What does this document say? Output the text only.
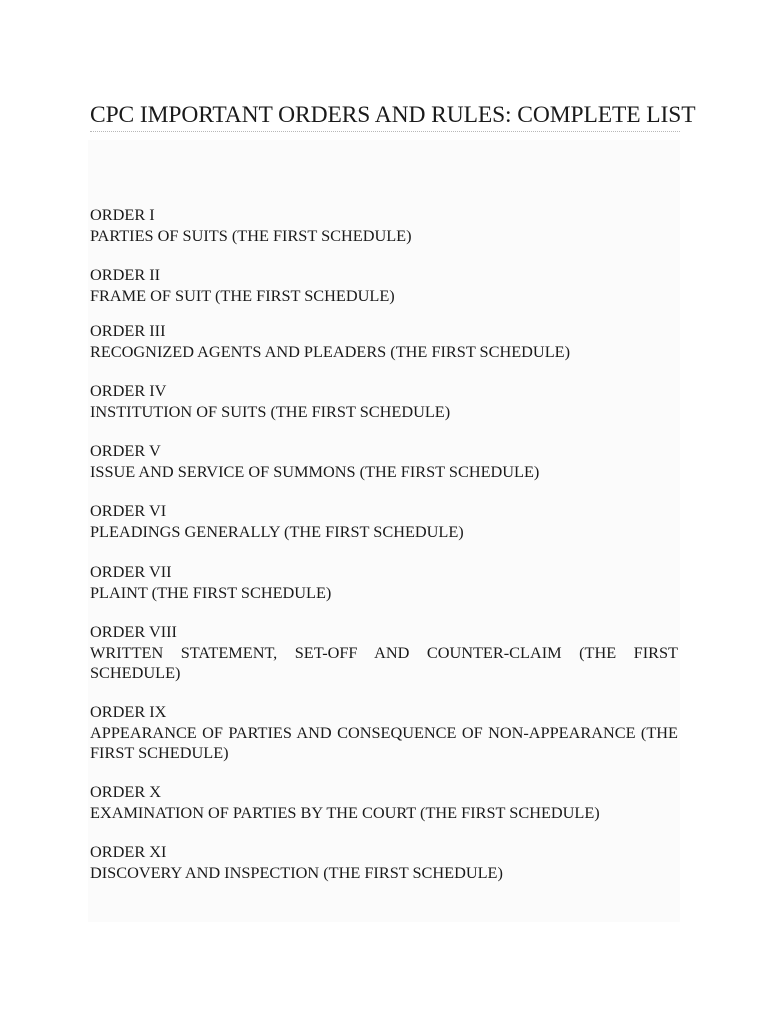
CPC IMPORTANT ORDERS AND RULES: COMPLETE LIST
ORDER I
PARTIES OF SUITS (THE FIRST SCHEDULE)
ORDER II
FRAME OF SUIT (THE FIRST SCHEDULE)
ORDER III
RECOGNIZED AGENTS AND PLEADERS (THE FIRST SCHEDULE)
ORDER IV
INSTITUTION OF SUITS (THE FIRST SCHEDULE)
ORDER V
ISSUE AND SERVICE OF SUMMONS (THE FIRST SCHEDULE)
ORDER VI
PLEADINGS GENERALLY (THE FIRST SCHEDULE)
ORDER VII
PLAINT (THE FIRST SCHEDULE)
ORDER VIII
WRITTEN STATEMENT, SET-OFF AND COUNTER-CLAIM (THE FIRST SCHEDULE)
ORDER IX
APPEARANCE OF PARTIES AND CONSEQUENCE OF NON-APPEARANCE (THE FIRST SCHEDULE)
ORDER X
EXAMINATION OF PARTIES BY THE COURT (THE FIRST SCHEDULE)
ORDER XI
DISCOVERY AND INSPECTION (THE FIRST SCHEDULE)
